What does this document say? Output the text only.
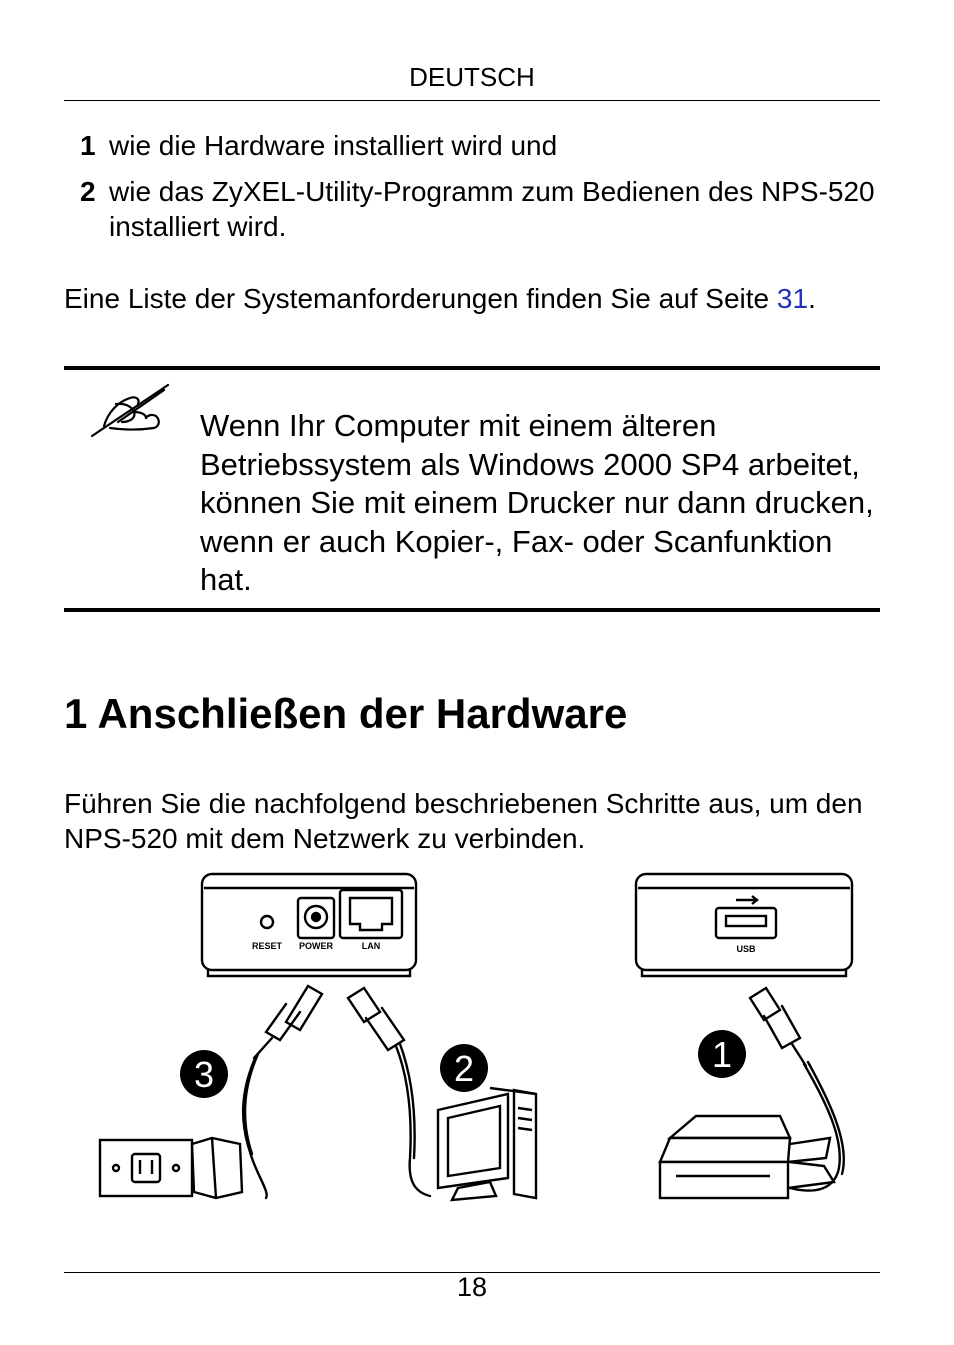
DEUTSCH
1 wie die Hardware installiert wird und
2 wie das ZyXEL-Utility-Programm zum Bedienen des NPS-520 installiert wird.
Eine Liste der Systemanforderungen finden Sie auf Seite 31.
Wenn Ihr Computer mit einem älteren Betriebssystem als Windows 2000 SP4 arbeitet, können Sie mit einem Drucker nur dann drucken, wenn er auch Kopier-, Fax- oder Scanfunktion hat.
1 Anschließen der Hardware
Führen Sie die nachfolgend beschriebenen Schritte aus, um den NPS-520 mit dem Netzwerk zu verbinden.
RESET POWER	LAN	USB
3	2	1
18
